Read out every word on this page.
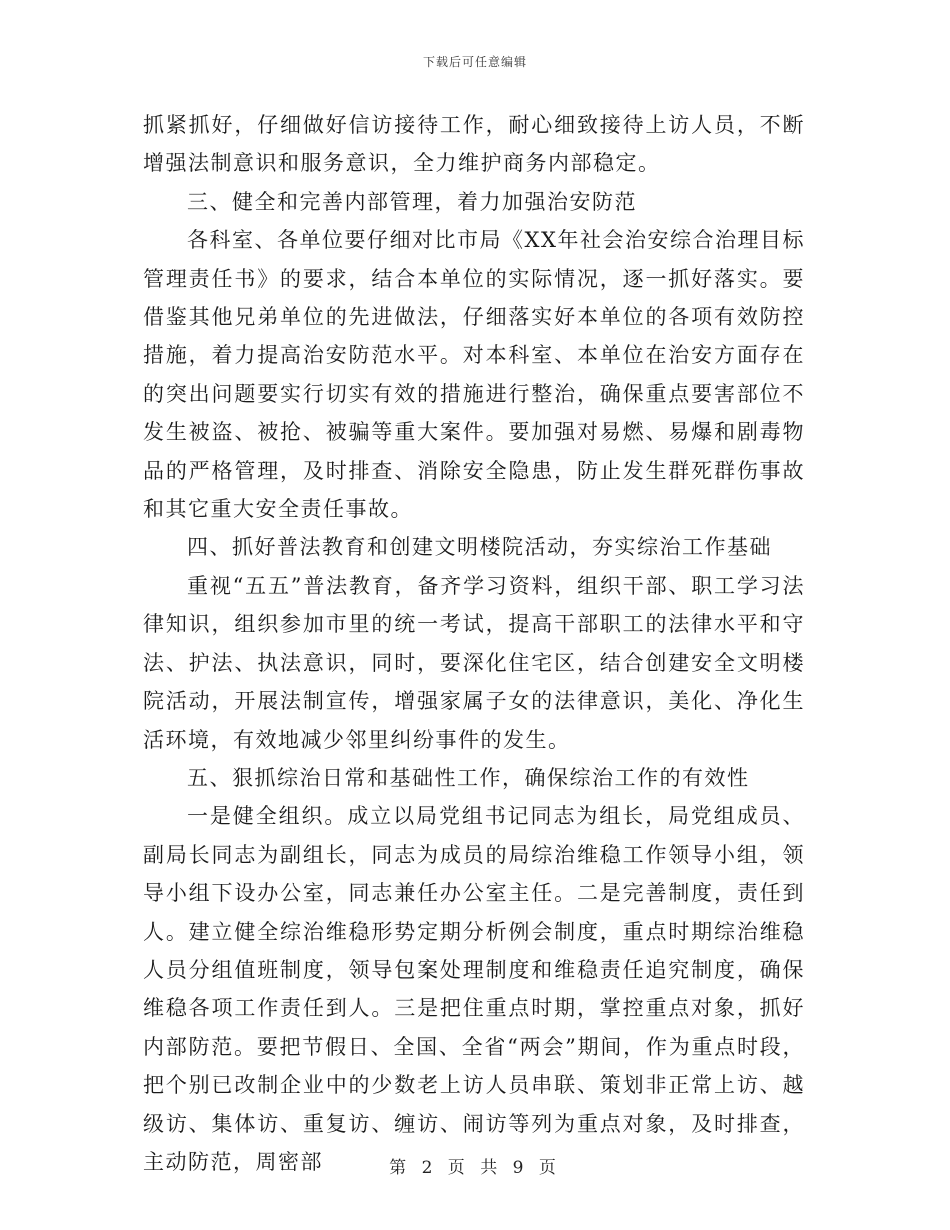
下载后可任意编辑

抓紧抓好，仔细做好信访接待工作，耐心细致接待上访人员，不断增强法制意识和服务意识，全力维护商务内部稳定。

三、健全和完善内部管理，着力加强治安防范

各科室、各单位要仔细对比市局《XX年社会治安综合治理目标管理责任书》的要求，结合本单位的实际情况，逐一抓好落实。要借鉴其他兄弟单位的先进做法，仔细落实好本单位的各项有效防控措施，着力提高治安防范水平。对本科室、本单位在治安方面存在的突出问题要实行切实有效的措施进行整治，确保重点要害部位不发生被盗、被抢、被骗等重大案件。要加强对易燃、易爆和剧毒物品的严格管理，及时排查、消除安全隐患，防止发生群死群伤事故和其它重大安全责任事故。

四、抓好普法教育和创建文明楼院活动，夯实综治工作基础

重视“五五”普法教育，备齐学习资料，组织干部、职工学习法律知识，组织参加市里的统一考试，提高干部职工的法律水平和守法、护法、执法意识，同时，要深化住宅区，结合创建安全文明楼院活动，开展法制宣传，增强家属子女的法律意识，美化、净化生活环境，有效地减少邻里纠纷事件的发生。

五、狠抓综治日常和基础性工作，确保综治工作的有效性

一是健全组织。成立以局党组书记同志为组长，局党组成员、副局长同志为副组长，同志为成员的局综治维稳工作领导小组，领导小组下设办公室，同志兼任办公室主任。二是完善制度，责任到人。建立健全综治维稳形势定期分析例会制度，重点时期综治维稳人员分组值班制度，领导包案处理制度和维稳责任追究制度，确保维稳各项工作责任到人。三是把住重点时期，掌控重点对象，抓好内部防范。要把节假日、全国、全省“两会”期间，作为重点时段，把个别已改制企业中的少数老上访人员串联、策划非正常上访、越级访、集体访、重复访、缠访、闹访等列为重点对象，及时排查，主动防范，周密部	第 2 页 共 9 页
